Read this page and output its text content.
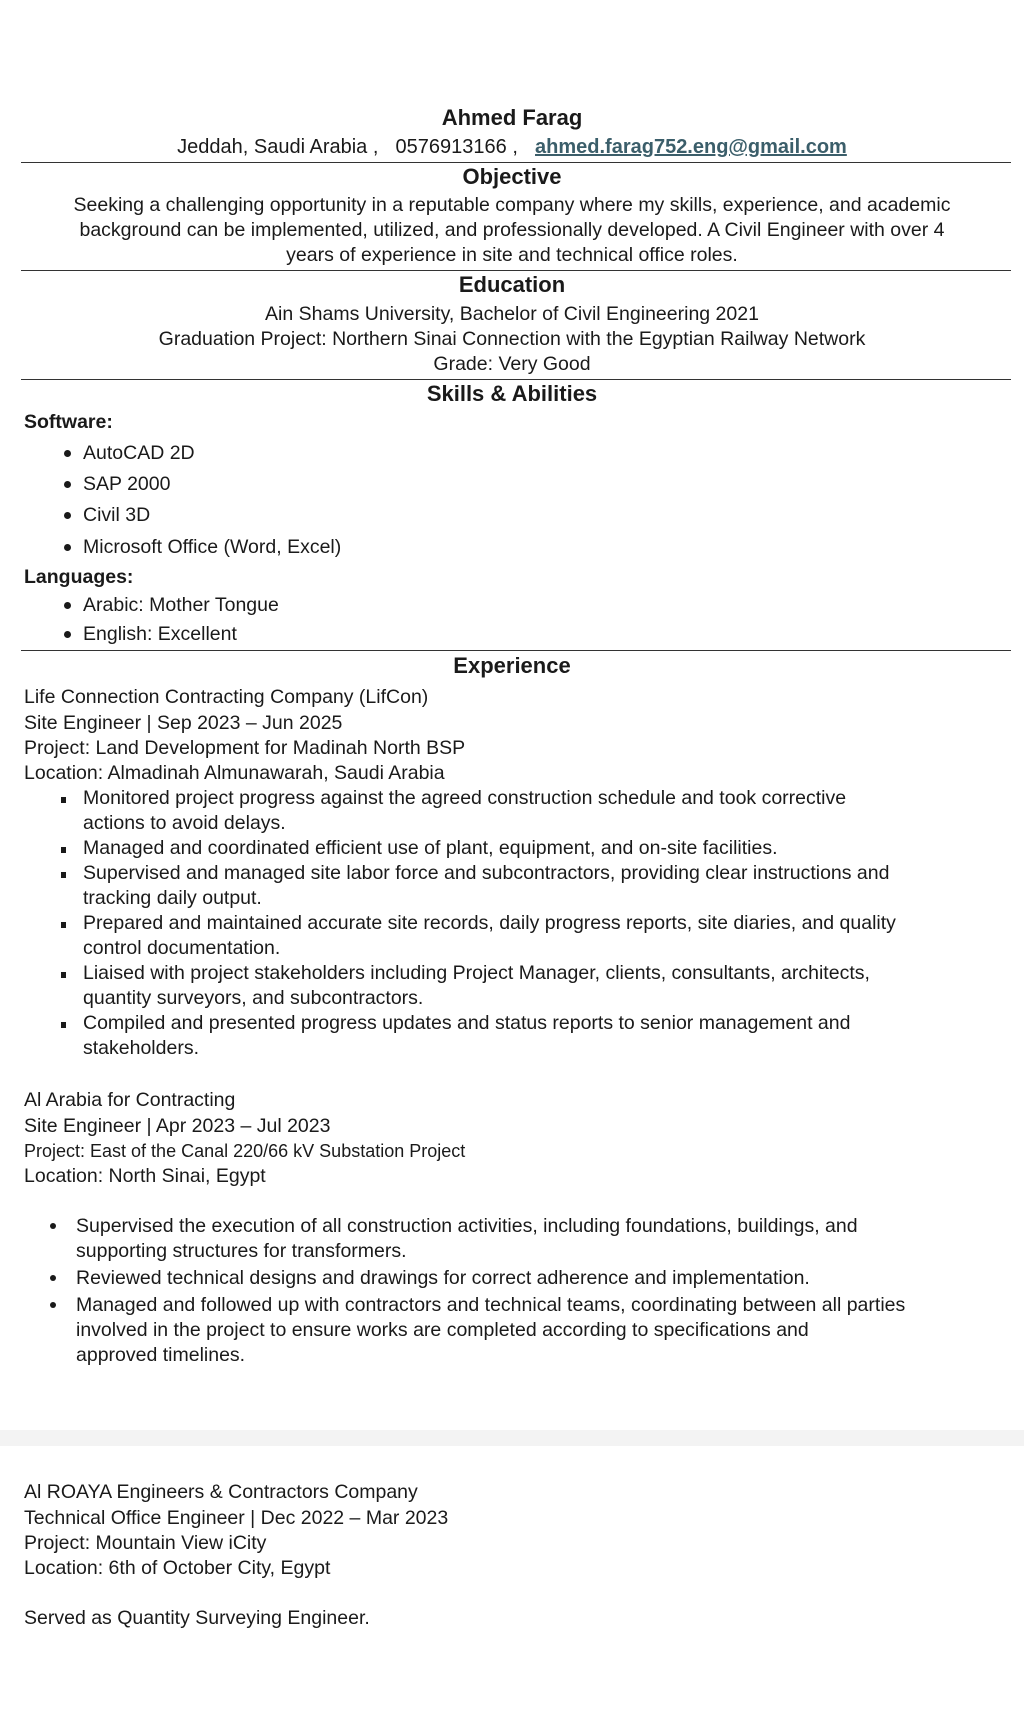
Ahmed Farag
Jeddah, Saudi Arabia , 0576913166 , ahmed.farag752.eng@gmail.com
Objective
Seeking a challenging opportunity in a reputable company where my skills, experience, and academic
background can be implemented, utilized, and professionally developed. A Civil Engineer with over 4
years of experience in site and technical office roles.
Education
Ain Shams University, Bachelor of Civil Engineering 2021
Graduation Project: Northern Sinai Connection with the Egyptian Railway Network
Grade: Very Good
Skills & Abilities
Software:
AutoCAD 2D
SAP 2000
Civil 3D
Microsoft Office (Word, Excel)
Languages:
Arabic: Mother Tongue
English: Excellent
Experience
Life Connection Contracting Company (LifCon)
Site Engineer | Sep 2023 – Jun 2025
Project: Land Development for Madinah North BSP
Location: Almadinah Almunawarah, Saudi Arabia
Monitored project progress against the agreed construction schedule and took corrective
actions to avoid delays.
Managed and coordinated efficient use of plant, equipment, and on-site facilities.
Supervised and managed site labor force and subcontractors, providing clear instructions and
tracking daily output.
Prepared and maintained accurate site records, daily progress reports, site diaries, and quality
control documentation.
Liaised with project stakeholders including Project Manager, clients, consultants, architects,
quantity surveyors, and subcontractors.
Compiled and presented progress updates and status reports to senior management and
stakeholders.
Al Arabia for Contracting
Site Engineer | Apr 2023 – Jul 2023
Project: East of the Canal 220/66 kV Substation Project
Location: North Sinai, Egypt
Supervised the execution of all construction activities, including foundations, buildings, and
supporting structures for transformers.
Reviewed technical designs and drawings for correct adherence and implementation.
Managed and followed up with contractors and technical teams, coordinating between all parties
involved in the project to ensure works are completed according to specifications and
approved timelines.
Al ROAYA Engineers & Contractors Company
Technical Office Engineer | Dec 2022 – Mar 2023
Project: Mountain View iCity
Location: 6th of October City, Egypt
Served as Quantity Surveying Engineer.
